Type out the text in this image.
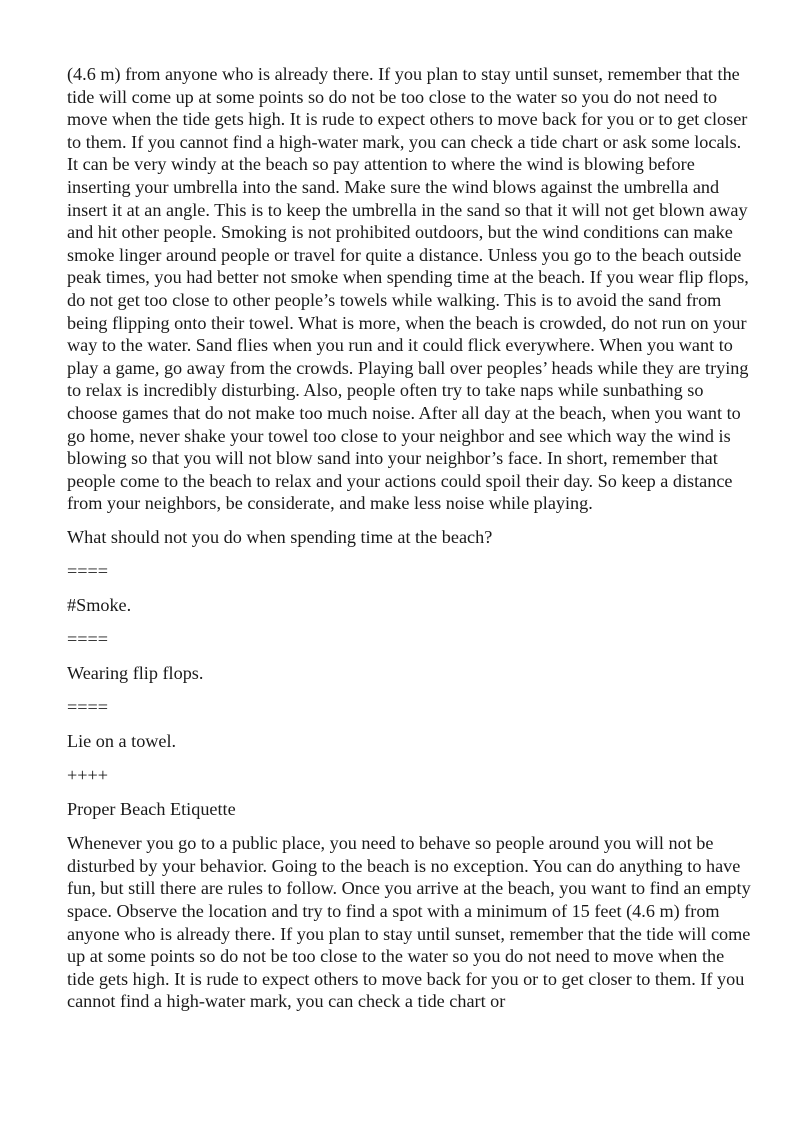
(4.6 m) from anyone who is already there. If you plan to stay until sunset, remember that the tide will come up at some points so do not be too close to the water so you do not need to move when the tide gets high. It is rude to expect others to move back for you or to get closer to them. If you cannot find a high-water mark, you can check a tide chart or ask some locals. It can be very windy at the beach so pay attention to where the wind is blowing before inserting your umbrella into the sand. Make sure the wind blows against the umbrella and insert it at an angle. This is to keep the umbrella in the sand so that it will not get blown away and hit other people. Smoking is not prohibited outdoors, but the wind conditions can make smoke linger around people or travel for quite a distance. Unless you go to the beach outside peak times, you had better not smoke when spending time at the beach. If you wear flip flops, do not get too close to other people’s towels while walking. This is to avoid the sand from being flipping onto their towel. What is more, when the beach is crowded, do not run on your way to the water. Sand flies when you run and it could flick everywhere. When you want to play a game, go away from the crowds. Playing ball over peoples’ heads while they are trying to relax is incredibly disturbing. Also, people often try to take naps while sunbathing so choose games that do not make too much noise. After all day at the beach, when you want to go home, never shake your towel too close to your neighbor and see which way the wind is blowing so that you will not blow sand into your neighbor’s face. In short, remember that people come to the beach to relax and your actions could spoil their day. So keep a distance from your neighbors, be considerate, and make less noise while playing.

What should not you do when spending time at the beach?

====

#Smoke.

====

Wearing flip flops.

====

Lie on a towel.

++++

Proper Beach Etiquette

Whenever you go to a public place, you need to behave so people around you will not be disturbed by your behavior. Going to the beach is no exception. You can do anything to have fun, but still there are rules to follow. Once you arrive at the beach, you want to find an empty space. Observe the location and try to find a spot with a minimum of 15 feet (4.6 m) from anyone who is already there. If you plan to stay until sunset, remember that the tide will come up at some points so do not be too close to the water so you do not need to move when the tide gets high. It is rude to expect others to move back for you or to get closer to them. If you cannot find a high-water mark, you can check a tide chart or
